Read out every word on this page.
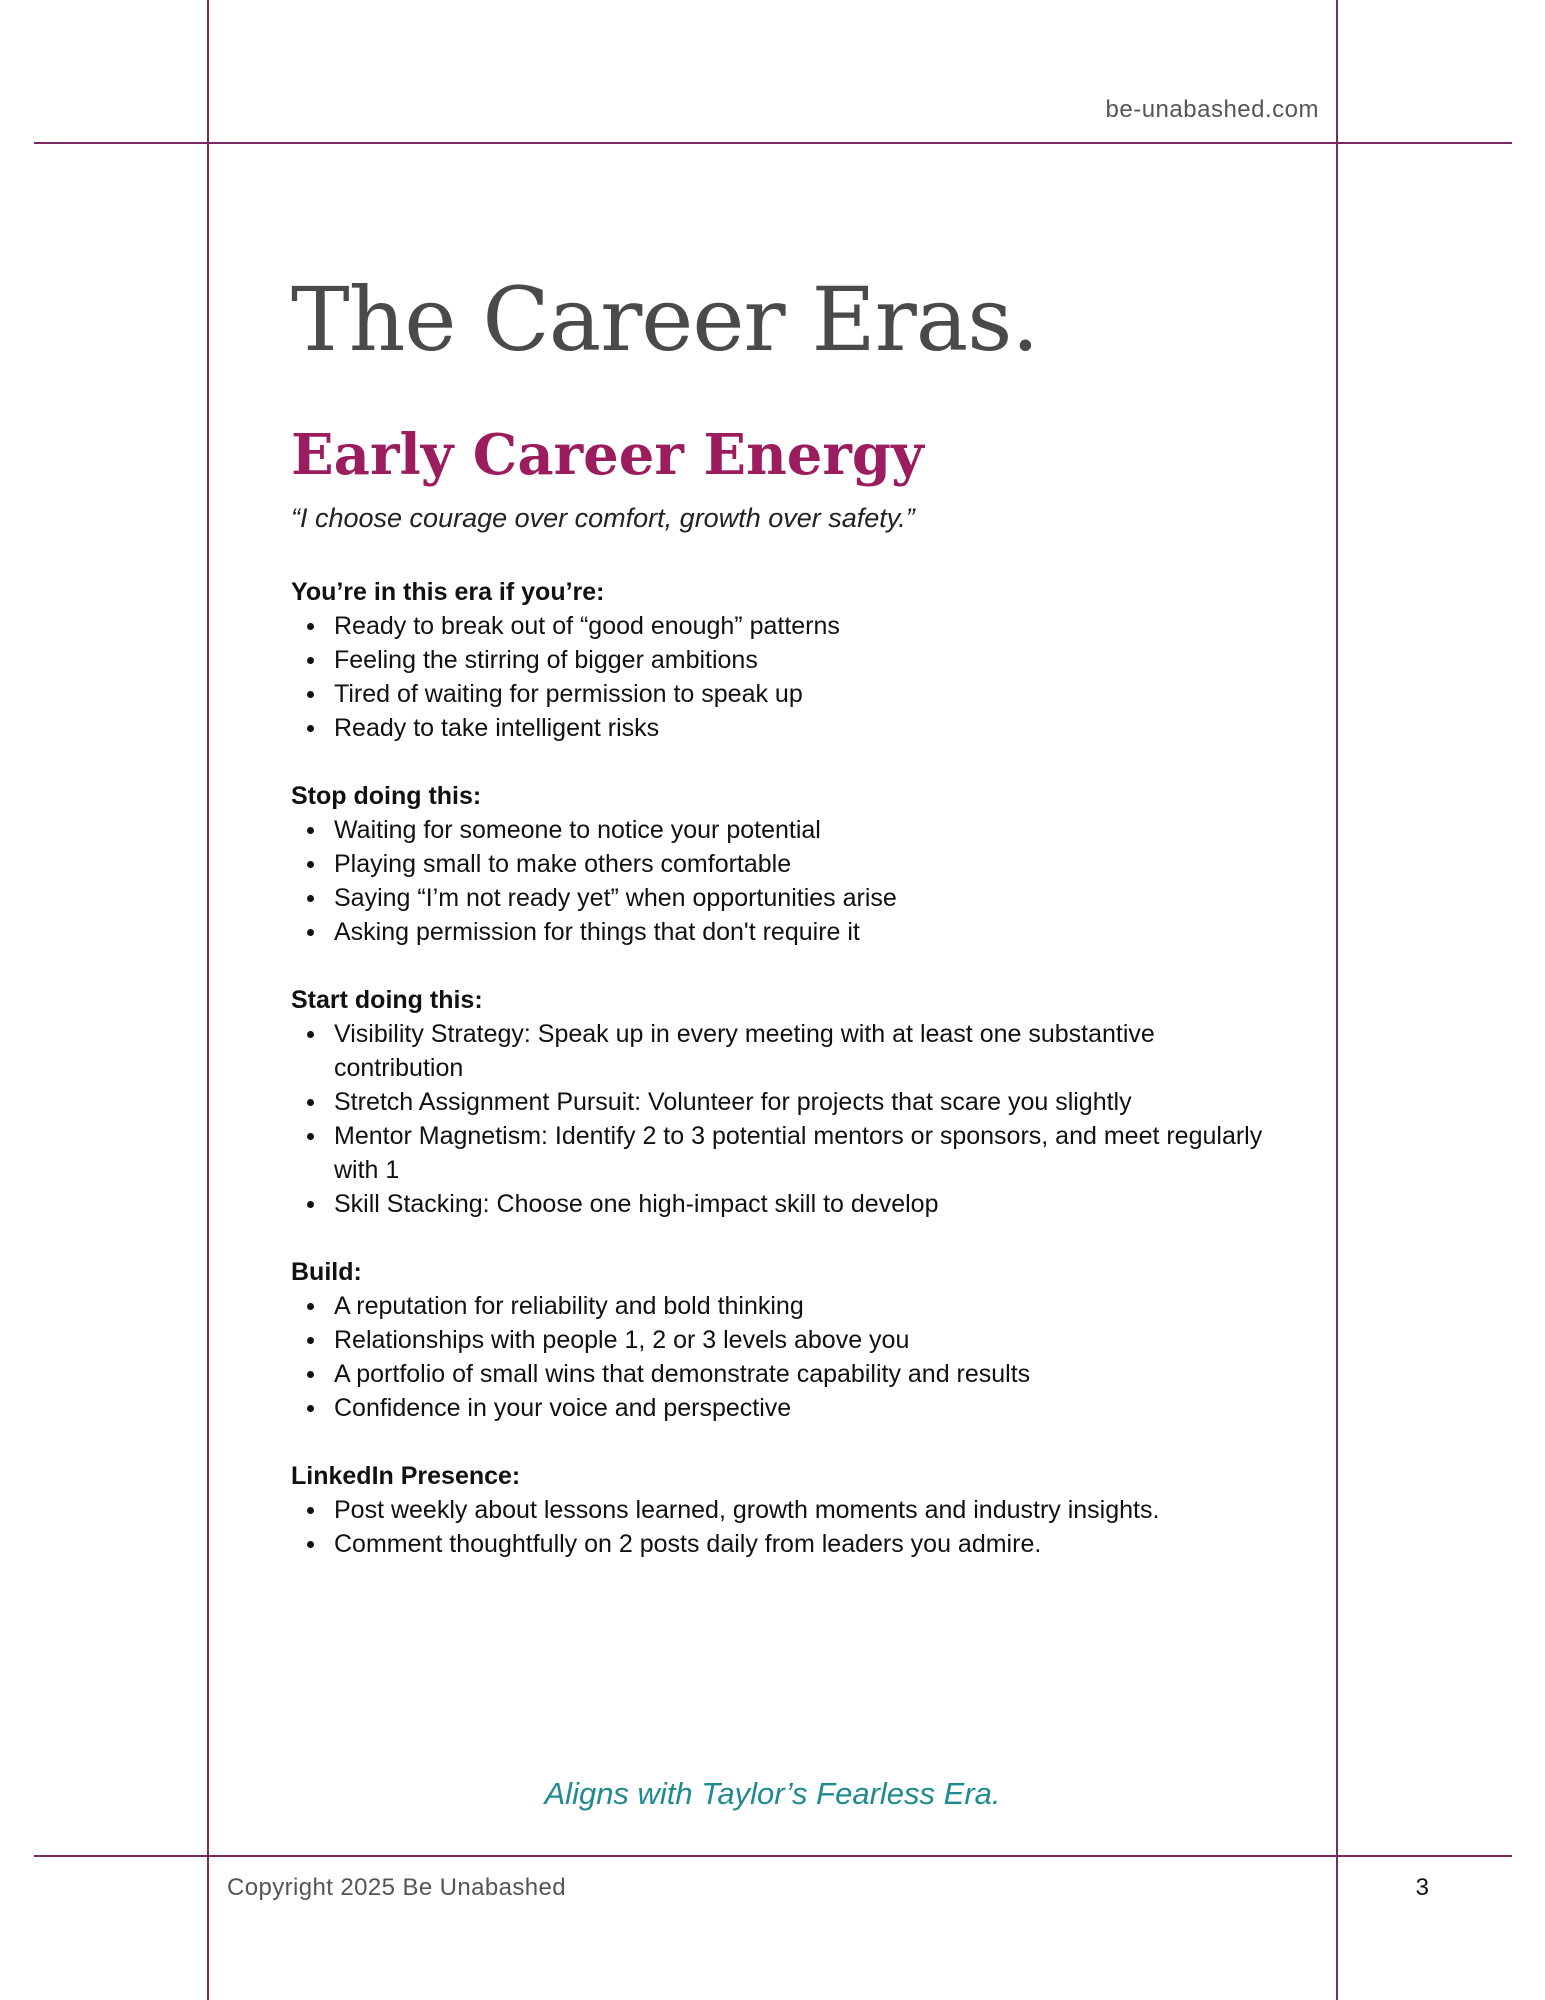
be-unabashed.com
The Career Eras.
Early Career Energy
“I choose courage over comfort, growth over safety.”

You’re in this era if you’re:

Ready to break out of “good enough” patterns
Feeling the stirring of bigger ambitions
Tired of waiting for permission to speak up
Ready to take intelligent risks

Stop doing this:

Waiting for someone to notice your potential
Playing small to make others comfortable
Saying “I’m not ready yet” when opportunities arise
Asking permission for things that don't require it

Start doing this:

Visibility Strategy: Speak up in every meeting with at least one substantive contribution
Stretch Assignment Pursuit: Volunteer for projects that scare you slightly
Mentor Magnetism: Identify 2 to 3 potential mentors or sponsors, and meet regularly with 1
Skill Stacking: Choose one high-impact skill to develop

Build:

A reputation for reliability and bold thinking
Relationships with people 1, 2 or 3 levels above you
A portfolio of small wins that demonstrate capability and results
Confidence in your voice and perspective

LinkedIn Presence:

Post weekly about lessons learned, growth moments and industry insights.
Comment thoughtfully on 2 posts daily from leaders you admire.
Aligns with Taylor’s Fearless Era.
Copyright 2025 Be Unabashed	3
